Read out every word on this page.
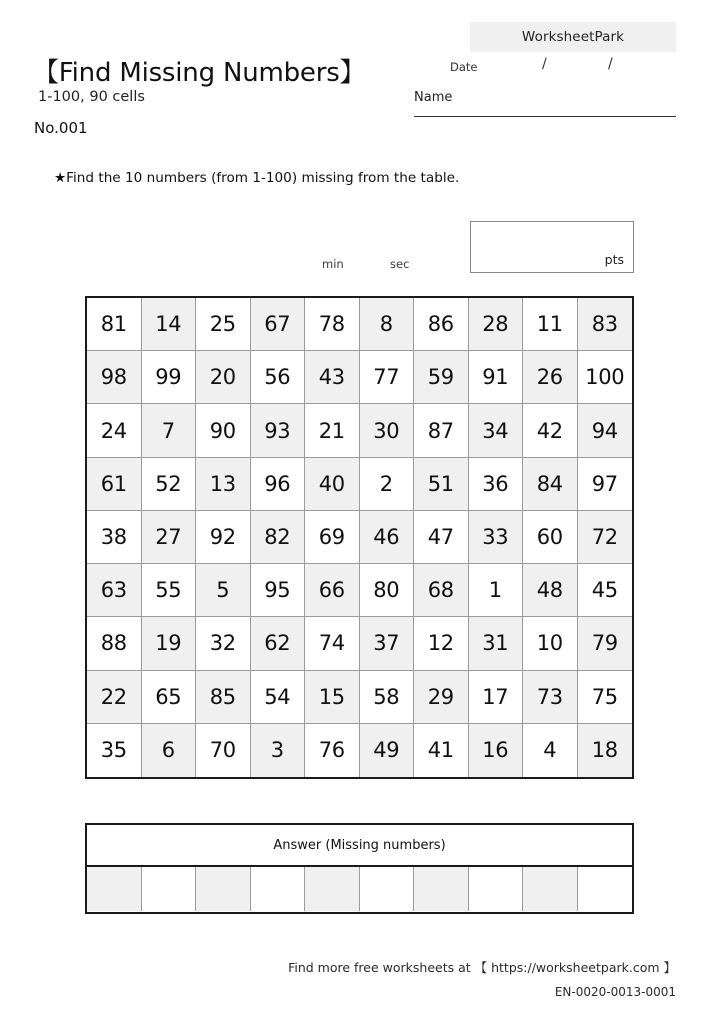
WorksheetPark
Date	/	/
Name
【Find Missing Numbers】
1-100, 90 cells
No.001
★Find the 10 numbers (from 1-100) missing from the table.
min	sec	pts
81	14	25	67	78	8	86	28	11	83
98	99	20	56	43	77	59	91	26	100
24	7	90	93	21	30	87	34	42	94
61	52	13	96	40	2	51	36	84	97
38	27	92	82	69	46	47	33	60	72
63	55	5	95	66	80	68	1	48	45
88	19	32	62	74	37	12	31	10	79
22	65	85	54	15	58	29	17	73	75
35	6	70	3	76	49	41	16	4	18
Answer (Missing numbers)
Find more free worksheets at 【 https://worksheetpark.com 】
EN-0020-0013-0001
